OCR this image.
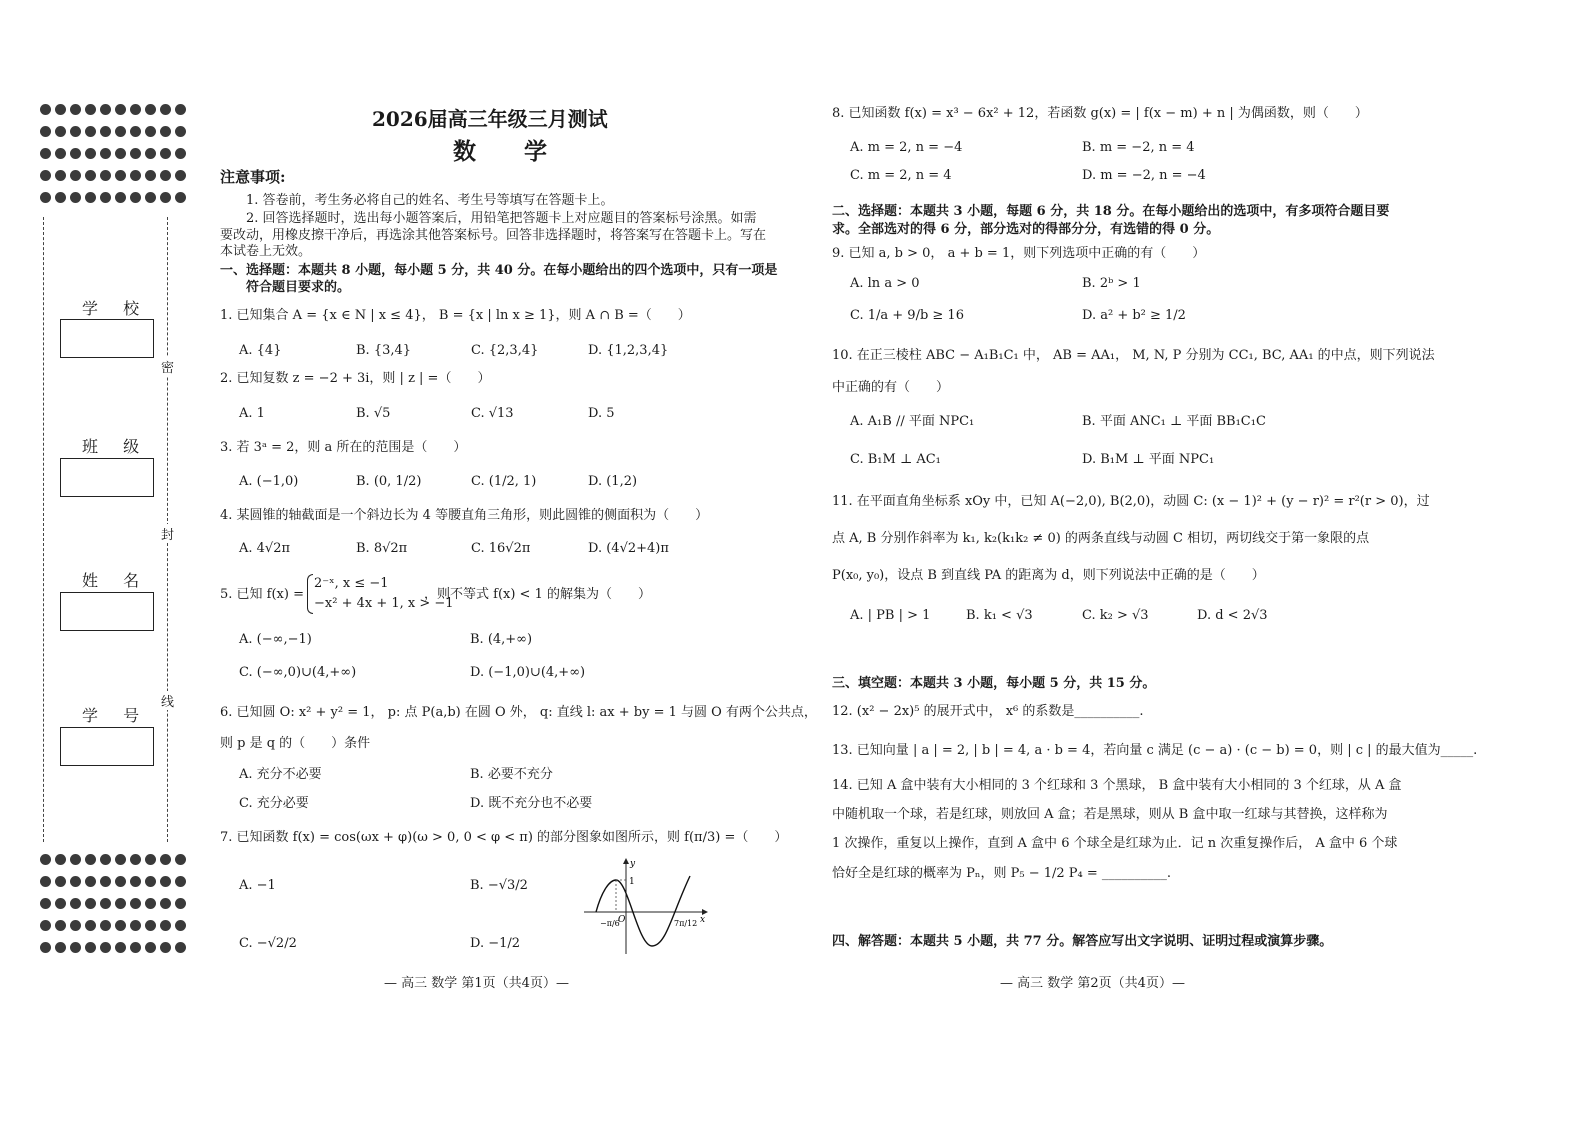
学 校
班 级
姓 名
学 号
密
封
线
2026届高三年级三月测试
数 学
注意事项:
1. 答卷前，考生务必将自己的姓名、考生号等填写在答题卡上。
2. 回答选择题时，选出每小题答案后，用铅笔把答题卡上对应题目的答案标号涂黑。如需
要改动，用橡皮擦干净后，再选涂其他答案标号。回答非选择题时，将答案写在答题卡上。写在
本试卷上无效。
一、选择题：本题共 8 小题，每小题 5 分，共 40 分。在每小题给出的四个选项中，只有一项是
符合题目要求的。
1. 已知集合 A = {x ∈ N | x ≤ 4}， B = {x | ln x ≥ 1}，则 A ∩ B =（　　）
A. {4}	B. {3,4}	C. {2,3,4}	D. {1,2,3,4}
2. 已知复数 z = −2 + 3i，则 | z | =（　　）
A. 1	B. √5	C. √13	D. 5
3. 若 3ᵃ = 2，则 a 所在的范围是（　　）
A. (−1,0)	B. (0, 1/2)	C. (1/2, 1)	D. (1,2)
4. 某圆锥的轴截面是一个斜边长为 4 等腰直角三角形，则此圆锥的侧面积为（　　）
A. 4√2π	B. 8√2π	C. 16√2π	D. (4√2+4)π
5. 已知 f(x) =
2⁻ˣ, x ≤ −1
−x² + 4x + 1, x > −1
，则不等式 f(x) < 1 的解集为（　　）
A. (−∞,−1)	B. (4,+∞)
C. (−∞,0)∪(4,+∞)	D. (−1,0)∪(4,+∞)
6. 已知圆 O: x² + y² = 1， p: 点 P(a,b) 在圆 O 外， q: 直线 l: ax + by = 1 与圆 O 有两个公共点，
则 p 是 q 的（　　）条件
A. 充分不必要	B. 必要不充分
C. 充分必要	D. 既不充分也不必要
7. 已知函数 f(x) = cos(ωx + φ)(ω > 0, 0 < φ < π) 的部分图象如图所示，则 f(π/3) =（　　）
A. −1	B. −√3/2
C. −√2/2	D. −1/2
y
x
O
1
−π/6	7π/12
— 高三 数学 第1页（共4页）—
8. 已知函数 f(x) = x³ − 6x² + 12，若函数 g(x) = | f(x − m) + n | 为偶函数，则（　　）
A. m = 2, n = −4	B. m = −2, n = 4
C. m = 2, n = 4	D. m = −2, n = −4
二、选择题：本题共 3 小题，每题 6 分，共 18 分。在每小题给出的选项中，有多项符合题目要
求。全部选对的得 6 分，部分选对的得部分分，有选错的得 0 分。
9. 已知 a, b > 0， a + b = 1，则下列选项中正确的有（　　）
A. ln a > 0	B. 2ᵇ > 1
C. 1/a + 9/b ≥ 16	D. a² + b² ≥ 1/2
10. 在正三棱柱 ABC − A₁B₁C₁ 中， AB = AA₁， M, N, P 分别为 CC₁, BC, AA₁ 的中点，则下列说法
中正确的有（　　）
A. A₁B // 平面 NPC₁	B. 平面 ANC₁ ⊥ 平面 BB₁C₁C
C. B₁M ⊥ AC₁	D. B₁M ⊥ 平面 NPC₁
11. 在平面直角坐标系 xOy 中，已知 A(−2,0), B(2,0)，动圆 C: (x − 1)² + (y − r)² = r²(r > 0)，过
点 A, B 分别作斜率为 k₁, k₂(k₁k₂ ≠ 0) 的两条直线与动圆 C 相切，两切线交于第一象限的点
P(x₀, y₀)，设点 B 到直线 PA 的距离为 d，则下列说法中正确的是（　　）
A. | PB | > 1	B. k₁ < √3	C. k₂ > √3	D. d < 2√3
三、填空题：本题共 3 小题，每小题 5 分，共 15 分。
12. (x² − 2x)⁵ 的展开式中， x⁶ 的系数是__________.
13. 已知向量 | a | = 2, | b | = 4, a · b = 4，若向量 c 满足 (c − a) · (c − b) = 0，则 | c | 的最大值为_____.
14. 已知 A 盒中装有大小相同的 3 个红球和 3 个黑球， B 盒中装有大小相同的 3 个红球，从 A 盒
中随机取一个球，若是红球，则放回 A 盒；若是黑球，则从 B 盒中取一红球与其替换，这样称为
1 次操作，重复以上操作，直到 A 盒中 6 个球全是红球为止．记 n 次重复操作后， A 盒中 6 个球
恰好全是红球的概率为 Pₙ，则 P₅ − 1/2 P₄ = __________.
四、解答题：本题共 5 小题，共 77 分。解答应写出文字说明、证明过程或演算步骤。
— 高三 数学 第2页（共4页）—
